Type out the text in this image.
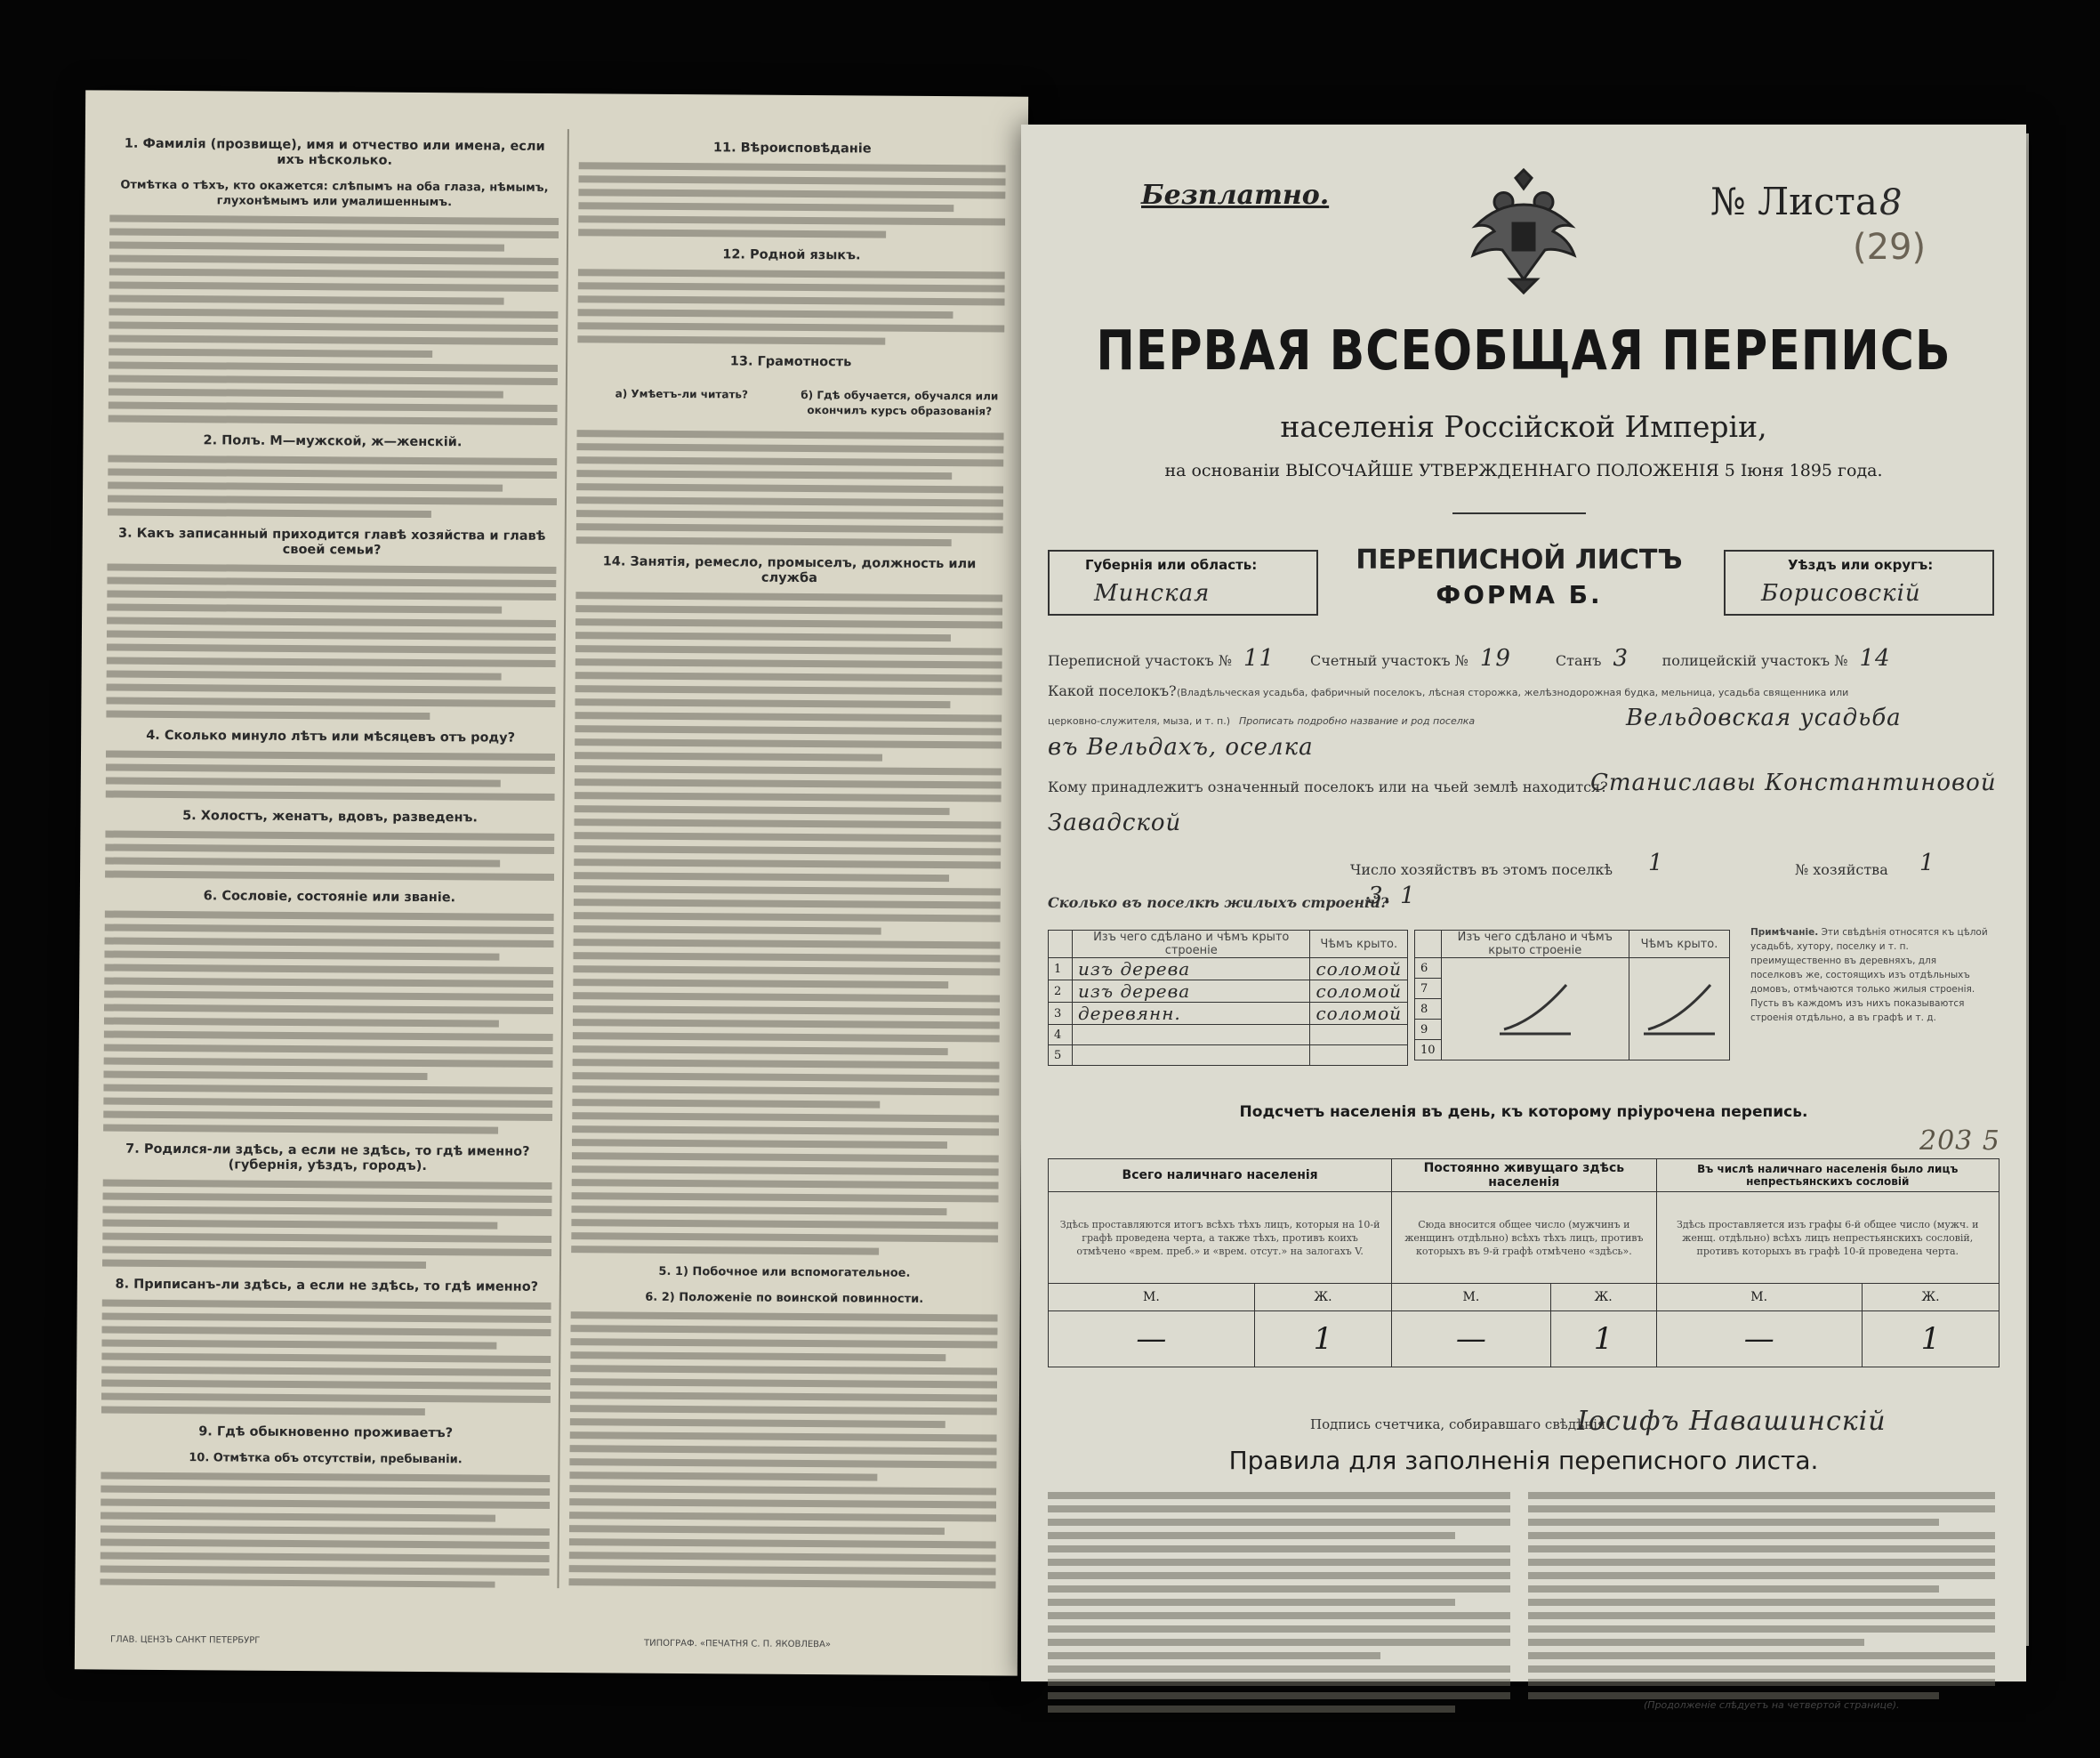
1. Фамилія (прозвище), имя и отчество или имена, если ихъ нѣсколько.
Отмѣтка о тѣхъ, кто окажется: слѣпымъ на оба глаза, нѣмымъ, глухонѣмымъ или умалишеннымъ.
2. Полъ. М—мужской, ж—женскій.
3. Какъ записанный приходится главѣ хозяйства и главѣ своей семьи?
4. Сколько минуло лѣтъ или мѣсяцевъ отъ роду?
5. Холостъ, женатъ, вдовъ, разведенъ.
6. Сословіе, состояніе или званіе.
7. Родился-ли здѣсь, а если не здѣсь, то гдѣ именно? (губернія, уѣздъ, городъ).
8. Приписанъ-ли здѣсь, а если не здѣсь, то гдѣ именно?
9. Гдѣ обыкновенно проживаетъ?
10. Отмѣтка объ отсутствіи, пребываніи.
11. Вѣроисповѣданіе
12. Родной языкъ.
13. Грамотность
а) Умѣетъ-ли читать?	б) Гдѣ обучается, обучался или окончилъ курсъ образованія?
14. Занятія, ремесло, промыселъ, должность или служба
5. 1) Побочное или вспомогательное.
6. 2) Положеніе по воинской повинности.
ГЛАВ. ЦЕНЗЪ САНКТ ПЕТЕРБУРГ	ТИПОГРАФ. «ПЕЧАТНЯ С. П. ЯКОВЛЕВА»
Безплатно.	№ Листа 8
(29)
ПЕРВАЯ ВСЕОБЩАЯ ПЕРЕПИСЬ
населенія Россійской Имперіи,
на основаніи ВЫСОЧАЙШЕ УТВЕРЖДЕННАГО ПОЛОЖЕНІЯ 5 Іюня 1895 года.
Губернія или область:
Минская
ПЕРЕПИСНОЙ ЛИСТЪ
ФОРМА Б.
Уѣздъ или округъ:
Борисовскій
Переписной участокъ № 11	Счетный участокъ № 19	Станъ 3 полицейскій участокъ № 14
Какой поселокъ? (Владѣльческая усадьба, фабричный поселокъ, лѣсная сторожка, желѣзнодорожная будка, мельница, усадьба священника или
церковно-служителя, мыза, и т. п.) Прописать подробно название и род поселка	Вельдовская усадьба
въ Вельдахъ, оселка
Кому принадлежитъ означенный поселокъ или на чьей землѣ находится?
Станиславы Константиновой
Завадской
Число хозяйствъ въ этомъ поселкѣ 1	№ хозяйства 1
Сколько въ поселкѣ жилыхъ строеній?
3. 1
	Изъ чего сдѣлано и чѣмъ крыто строеніе	Чѣмъ крыто.
1	изъ дерева	соломой
2	изъ дерева	соломой
3	деревянн.	соломой
4		
5		
	Изъ чего сдѣлано и чѣмъ крыто строеніе	Чѣмъ крыто.
6		
7		
8		
9		
10		
Примѣчаніе. Эти свѣдѣнія относятся къ цѣлой усадьбѣ, хутору, поселку и т. п. преимущественно въ деревняхъ, для поселковъ же, состоящихъ изъ отдѣльныхъ домовъ, отмѣчаются только жилыя строенія. Пусть въ каждомъ изъ нихъ показываются строенія отдѣльно, а въ графѣ и т. д.
Подсчетъ населенія въ день, къ которому пріурочена перепись.
203 5
Всего наличнаго населенія		Постоянно живущаго здѣсь населенія		Въ числѣ наличнаго населенія было лицъ непрестьянскихъ сословій	
Здѣсь проставляются итогъ всѣхъ тѣхъ лицъ, которыя на 10-й графѣ проведена черта, а также тѣхъ, противъ коихъ отмѣчено «врем. преб.» и «врем. отсут.» на залогахъ V.		Сюда вносится общее число (мужчинъ и женщинъ отдѣльно) всѣхъ тѣхъ лицъ, противъ которыхъ въ 9-й графѣ отмѣчено «здѣсь».		Здѣсь проставляется изъ графы 6-й общее число (мужч. и женщ. отдѣльно) всѣхъ лицъ непрестьянскихъ сословій, противъ которыхъ въ графѣ 10-й проведена черта.	
М.	Ж.	М.	Ж.	М.	Ж.
—	1	—	1	—	1
Подпись счетчика, собиравшаго свѣдѣнія
Іосифъ Навашинскій
Правила для заполненія переписного листа.
(Продолженіе слѣдуетъ на четвертой странице).
